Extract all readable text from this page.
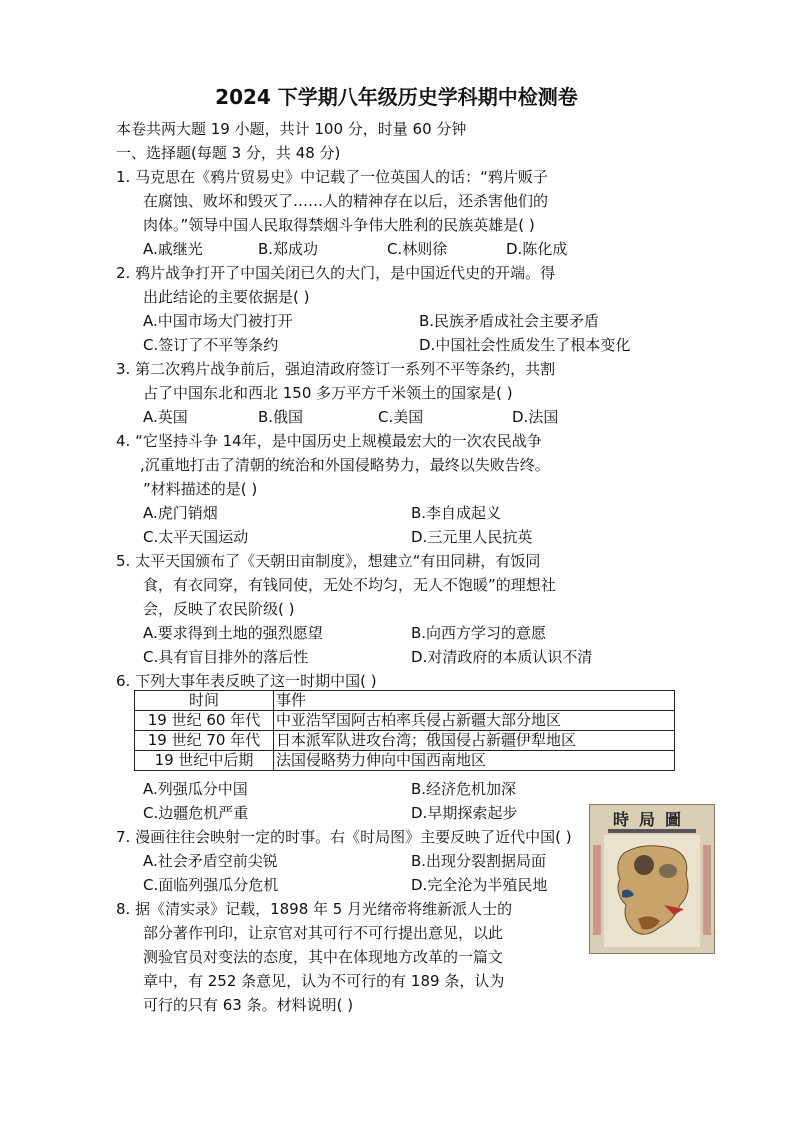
2024 下学期八年级历史学科期中检测卷
本卷共两大题 19 小题，共计 100 分，时量 60 分钟
一、选择题(每题 3 分，共 48 分)
1. 马克思在《鸦片贸易史》中记载了一位英国人的话：“鸦片贩子
在腐蚀、败坏和毁灭了……人的精神存在以后，还杀害他们的
肉体。”领导中国人民取得禁烟斗争伟大胜利的民族英雄是( )
A.戚继光	B.郑成功	C.林则徐	D.陈化成
2. 鸦片战争打开了中国关闭已久的大门，是中国近代史的开端。得
出此结论的主要依据是( )
A.中国市场大门被打开	B.民族矛盾成社会主要矛盾
C.签订了不平等条约	D.中国社会性质发生了根本变化
3. 第二次鸦片战争前后，强迫清政府签订一系列不平等条约，共割
占了中国东北和西北 150 多万平方千米领土的国家是( )
A.英国	B.俄国	C.美国	D.法国
4. “它坚持斗争 14年，是中国历史上规模最宏大的一次农民战争
,沉重地打击了清朝的统治和外国侵略势力，最终以失败告终。
”材料描述的是( )
A.虎门销烟	B.李自成起义
C.太平天国运动	D.三元里人民抗英
5. 太平天国颁布了《天朝田亩制度》，想建立“有田同耕，有饭同
食，有衣同穿，有钱同使，无处不均匀，无人不饱暖”的理想社
会，反映了农民阶级( )
A.要求得到土地的强烈愿望	B.向西方学习的意愿
C.具有盲目排外的落后性	D.对清政府的本质认识不清
6. 下列大事年表反映了这一时期中国( )
时间	事件
19 世纪 60 年代	中亚浩罕国阿古柏率兵侵占新疆大部分地区
19 世纪 70 年代	日本派军队进攻台湾；俄国侵占新疆伊犁地区
19 世纪中后期	法国侵略势力伸向中国西南地区
A.列强瓜分中国	B.经济危机加深
C.边疆危机严重	D.早期探索起步
7. 漫画往往会映射一定的时事。右《时局图》主要反映了近代中国( )
A.社会矛盾空前尖锐	B.出现分裂割据局面
C.面临列强瓜分危机	D.完全沦为半殖民地
8. 据《清实录》记载，1898 年 5 月光绪帝将维新派人士的
部分著作刊印，让京官对其可行不可行提出意见，以此
测验官员对变法的态度，其中在体现地方改革的一篇文
章中，有 252 条意见，认为不可行的有 189 条，认为
可行的只有 63 条。材料说明( )
時局圖
